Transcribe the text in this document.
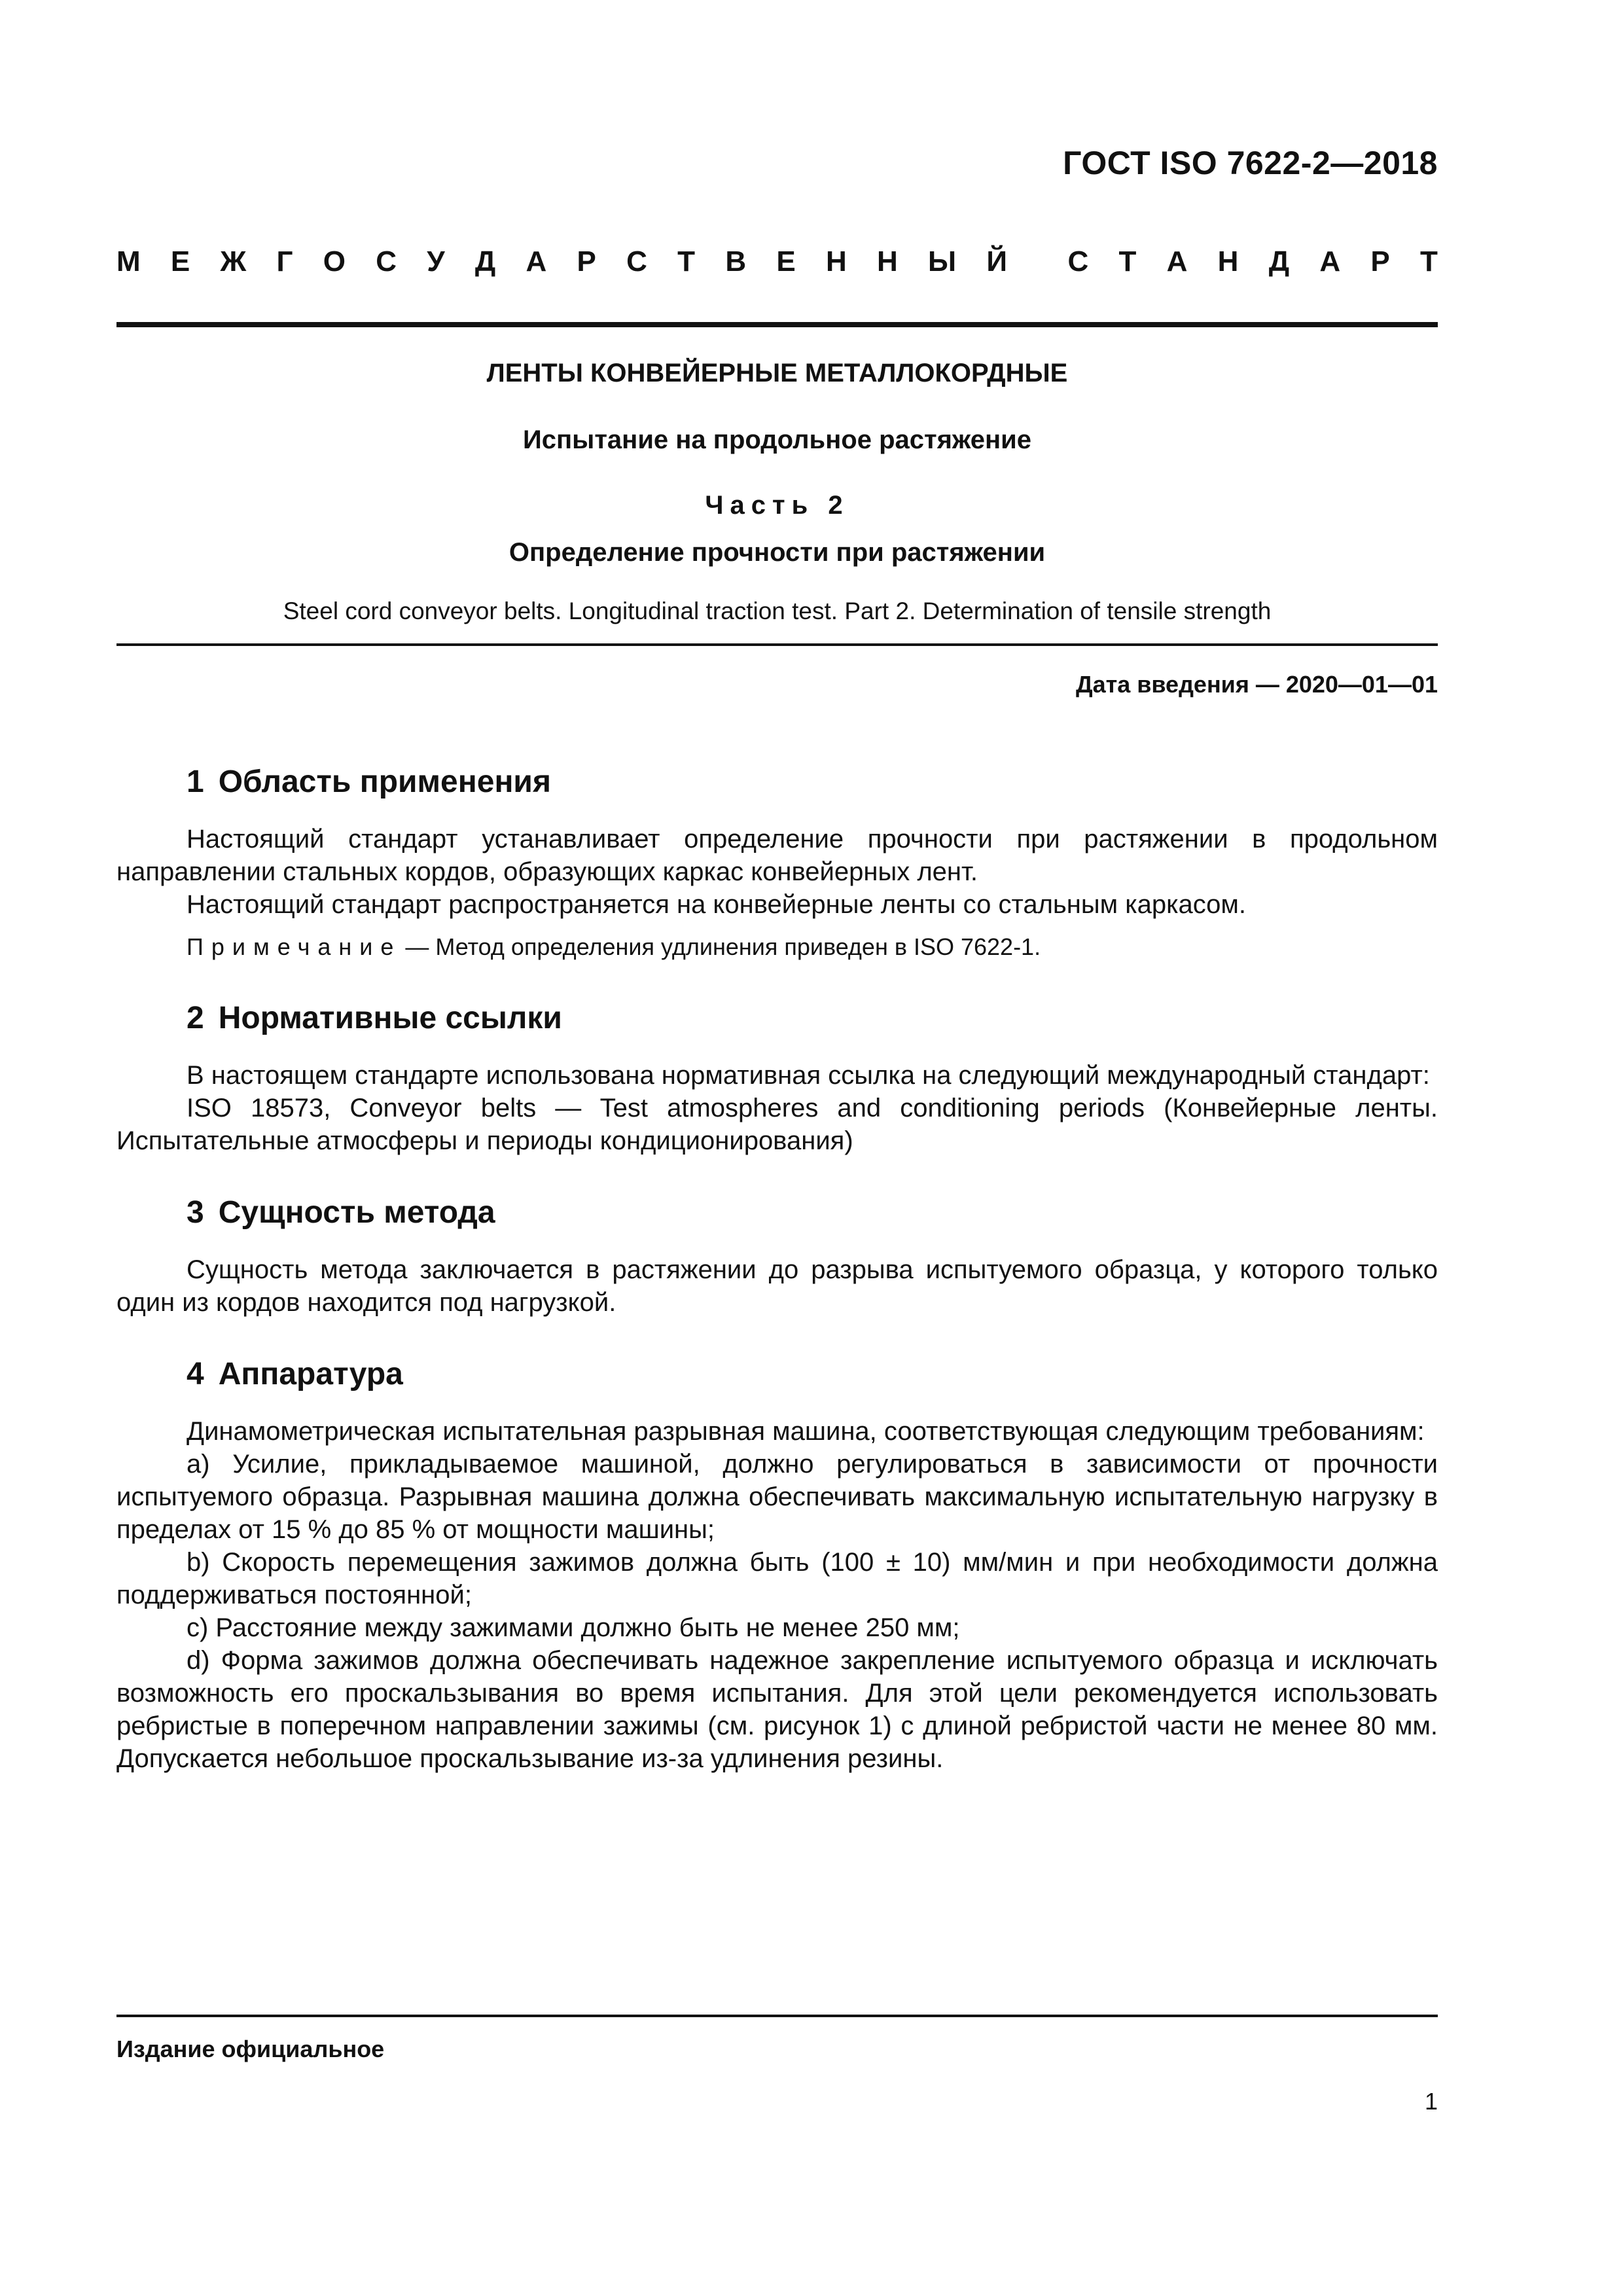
ГОСТ ISO 7622-2—2018
М Е Ж Г О С У Д А Р С Т В Е Н Н Ы Й С Т А Н Д А Р Т
ЛЕНТЫ КОНВЕЙЕРНЫЕ МЕТАЛЛОКОРДНЫЕ
Испытание на продольное растяжение
Часть 2
Определение прочности при растяжении
Steel cord conveyor belts. Longitudinal traction test. Part 2. Determination of tensile strength
Дата введения — 2020—01—01
1 Область применения

Настоящий стандарт устанавливает определение прочности при растяжении в продольном направлении стальных кордов, образующих каркас конвейерных лент.

Настоящий стандарт распространяется на конвейерные ленты со стальным каркасом.

Примечание — Метод определения удлинения приведен в ISO 7622-1.
2 Нормативные ссылки

В настоящем стандарте использована нормативная ссылка на следующий международный стандарт:

ISO 18573, Conveyor belts — Test atmospheres and conditioning periods (Конвейерные ленты. Испытательные атмосферы и периоды кондиционирования)

3 Сущность метода

Сущность метода заключается в растяжении до разрыва испытуемого образца, у которого только один из кордов находится под нагрузкой.

4 Аппаратура

Динамометрическая испытательная разрывная машина, соответствующая следующим требованиям:

а) Усилие, прикладываемое машиной, должно регулироваться в зависимости от прочности испытуемого образца. Разрывная машина должна обеспечивать максимальную испытательную нагрузку в пределах от 15 % до 85 % от мощности машины;

b) Скорость перемещения зажимов должна быть (100 ± 10) мм/мин и при необходимости должна поддерживаться постоянной;

c) Расстояние между зажимами должно быть не менее 250 мм;

d) Форма зажимов должна обеспечивать надежное закрепление испытуемого образца и исключать возможность его проскальзывания во время испытания. Для этой цели рекомендуется использовать ребристые в поперечном направлении зажимы (см. рисунок 1) с длиной ребристой части не менее 80 мм. Допускается небольшое проскальзывание из-за удлинения резины.

Издание официальное
1
